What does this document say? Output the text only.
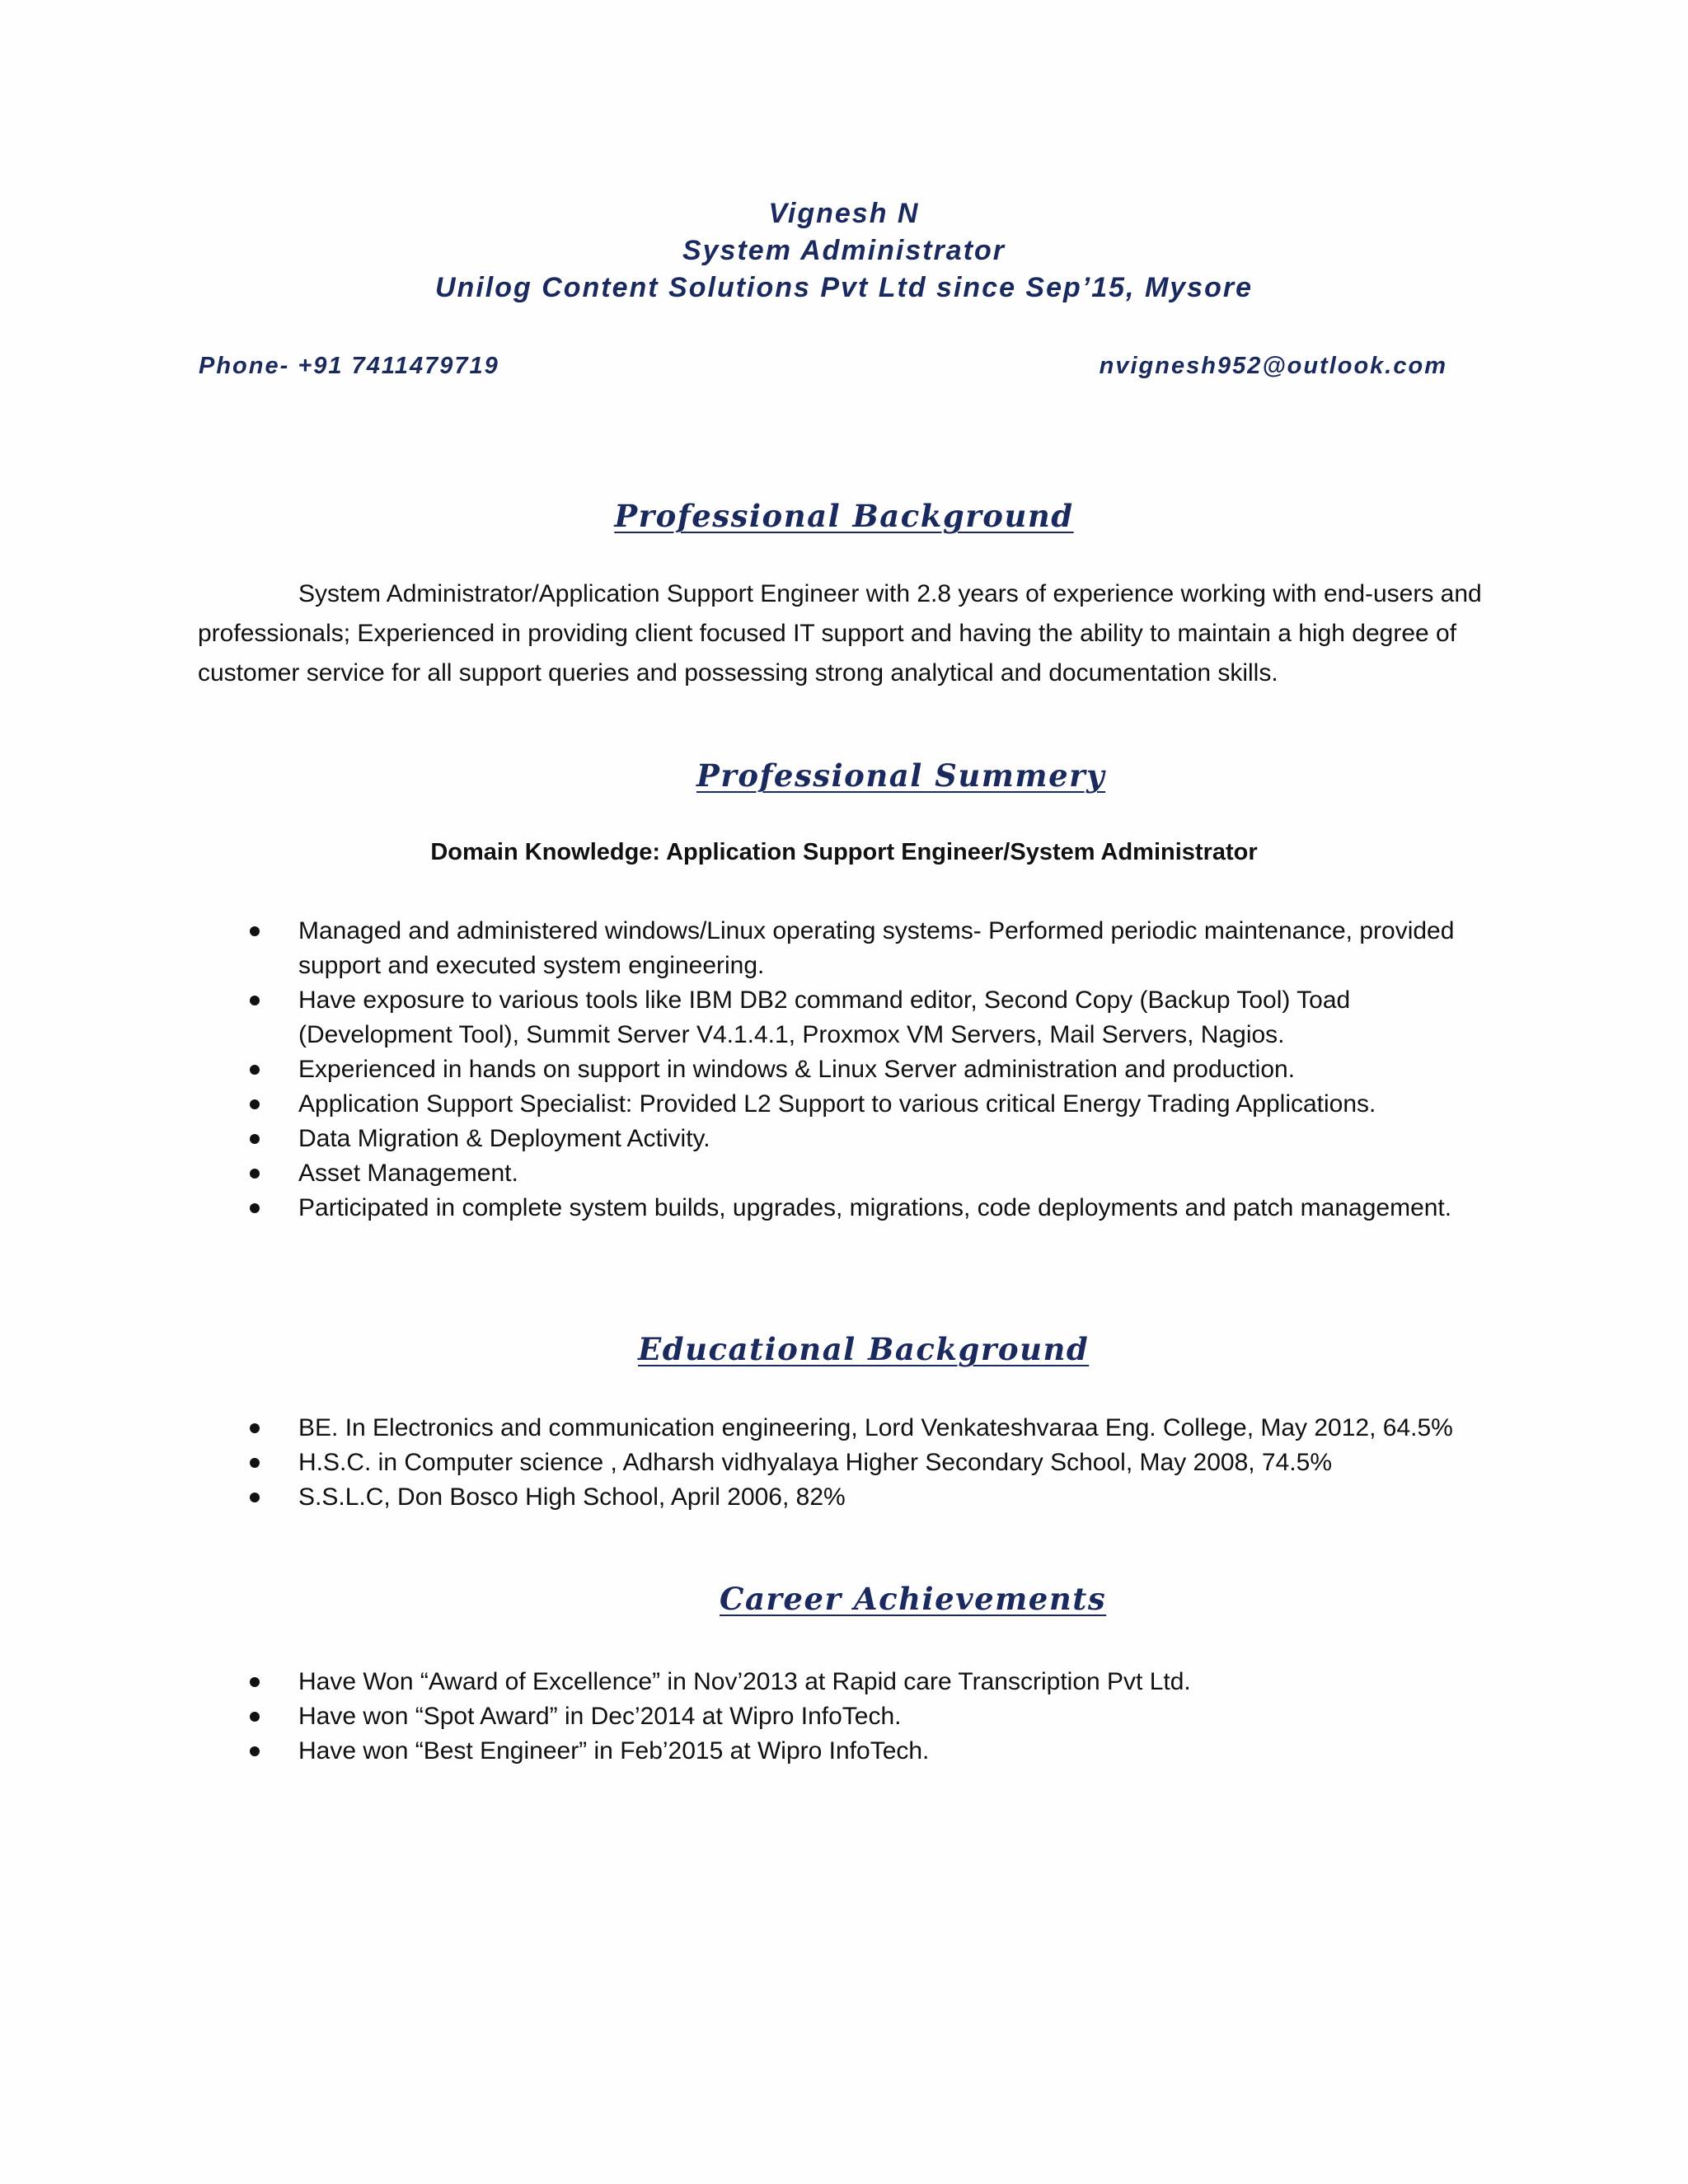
Vignesh N
System Administrator
Unilog Content Solutions Pvt Ltd since Sep’15, Mysore
Phone- +91 7411479719	nvignesh952@outlook.com
Professional Background
System Administrator/Application Support Engineer with 2.8 years of experience working with end-users and professionals; Experienced in providing client focused IT support and having the ability to maintain a high degree of customer service for all support queries and possessing strong analytical and documentation skills.
Professional Summery
Domain Knowledge: Application Support Engineer/System Administrator
Managed and administered windows/Linux operating systems- Performed periodic maintenance, provided support and executed system engineering.
Have exposure to various tools like IBM DB2 command editor, Second Copy (Backup Tool) Toad (Development Tool), Summit Server V4.1.4.1, Proxmox VM Servers, Mail Servers, Nagios.
Experienced in hands on support in windows & Linux Server administration and production.
Application Support Specialist: Provided L2 Support to various critical Energy Trading Applications.
Data Migration & Deployment Activity.
Asset Management.
Participated in complete system builds, upgrades, migrations, code deployments and patch management.
Educational Background
BE. In Electronics and communication engineering, Lord Venkateshvaraa Eng. College, May 2012, 64.5%
H.S.C. in Computer science , Adharsh vidhyalaya Higher Secondary School, May 2008, 74.5%
S.S.L.C, Don Bosco High School, April 2006, 82%
Career Achievements
Have Won “Award of Excellence” in Nov’2013 at Rapid care Transcription Pvt Ltd.
Have won “Spot Award” in Dec’2014 at Wipro InfoTech.
Have won “Best Engineer” in Feb’2015 at Wipro InfoTech.
